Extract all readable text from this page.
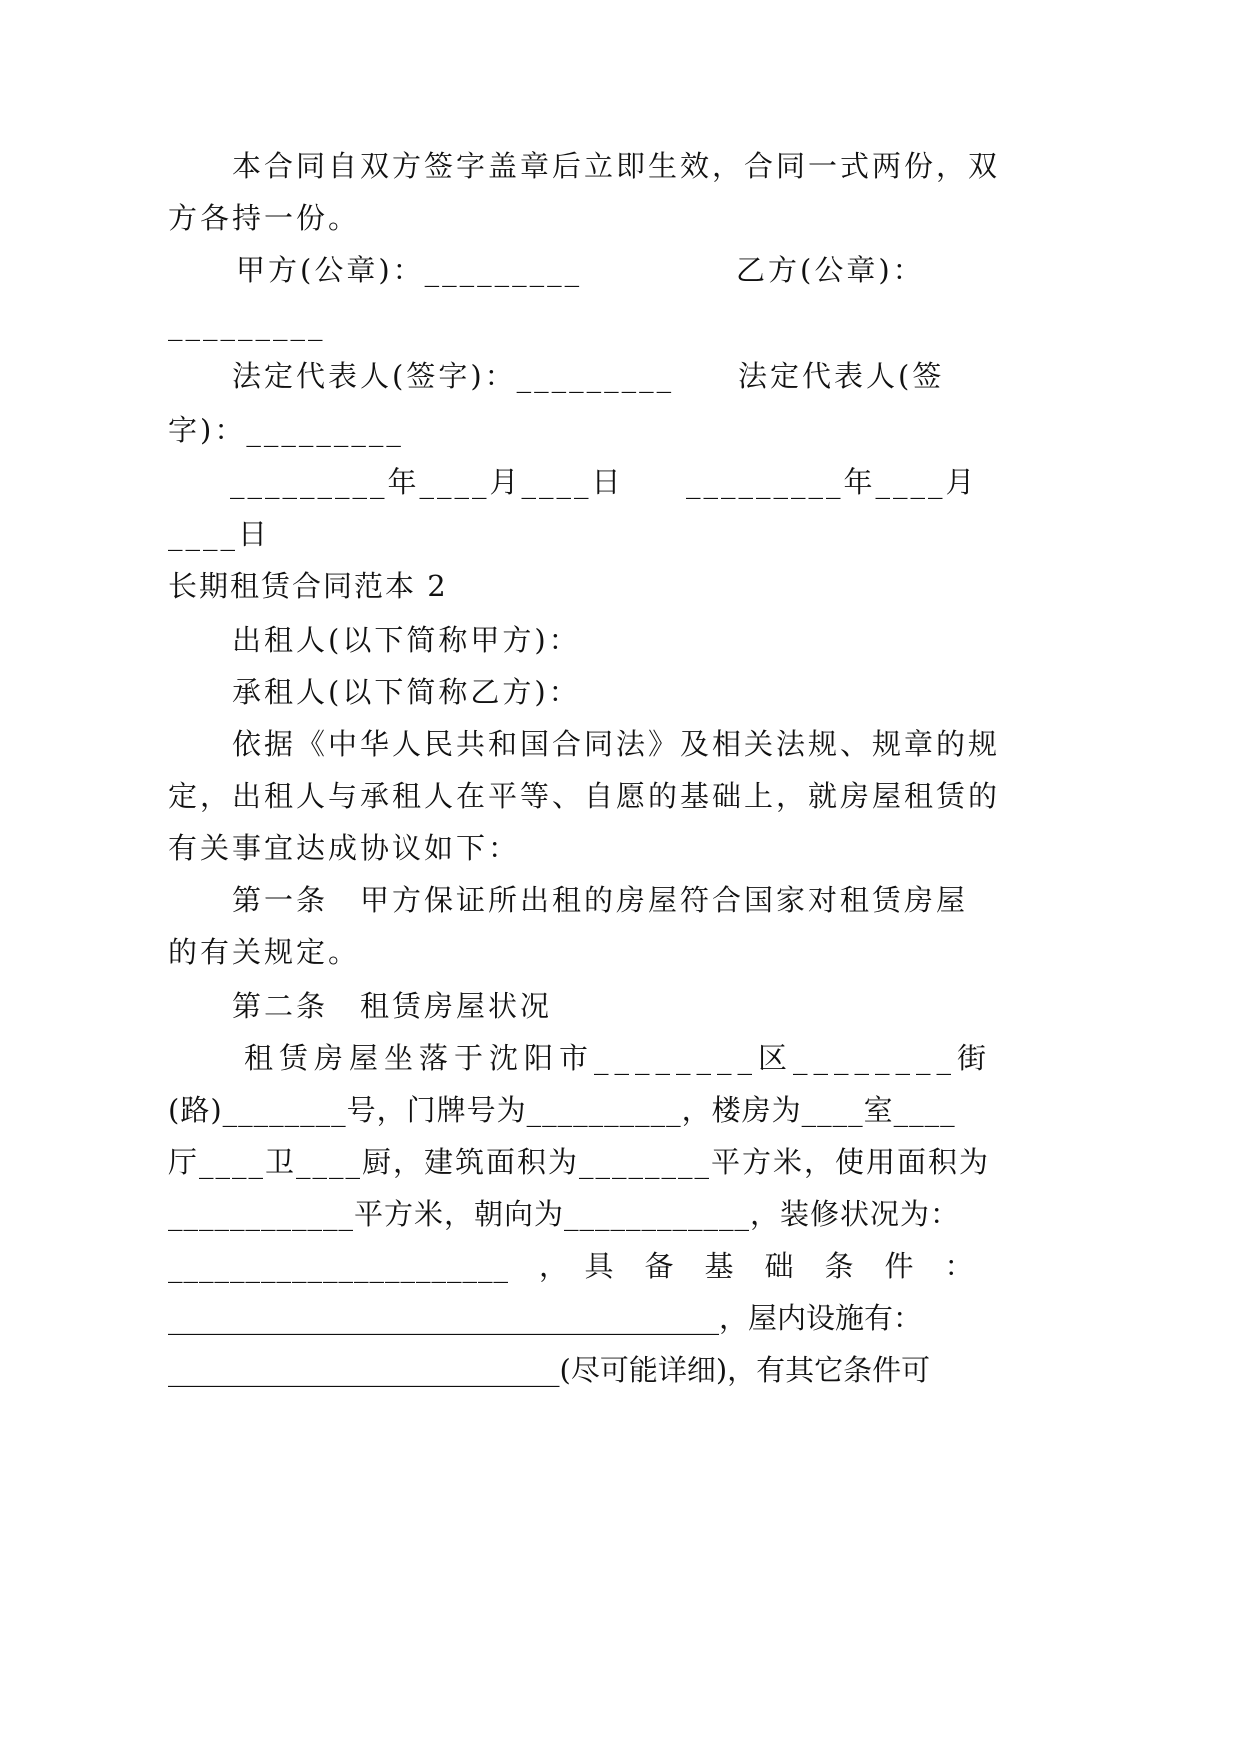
本合同自双方签字盖章后立即生效，合同一式两份，双
方各持一份。
甲方(公章)：_________	乙方(公章)：
_________
法定代表人(签字)：_________ 法定代表人(签
字)：_________
_________年____月____日 _________年____月
____日
长期租赁合同范本 2
出租人(以下简称甲方)：
承租人(以下简称乙方)：
依据《中华人民共和国合同法》及相关法规、规章的规
定，出租人与承租人在平等、自愿的基础上，就房屋租赁的
有关事宜达成协议如下：
第一条　甲方保证所出租的房屋符合国家对租赁房屋
的有关规定。
第二条　租赁房屋状况
租赁房屋坐落于沈阳市________区________街
(路)________号，门牌号为__________，楼房为____室____
厅____卫____厨，建筑面积为________平方米，使用面积为
____________平方米，朝向为____________，装修状况为：
______________________　，　具　备　基　础　条　件　：
______________________________________，屋内设施有：
___________________________(尽可能详细)，有其它条件可
